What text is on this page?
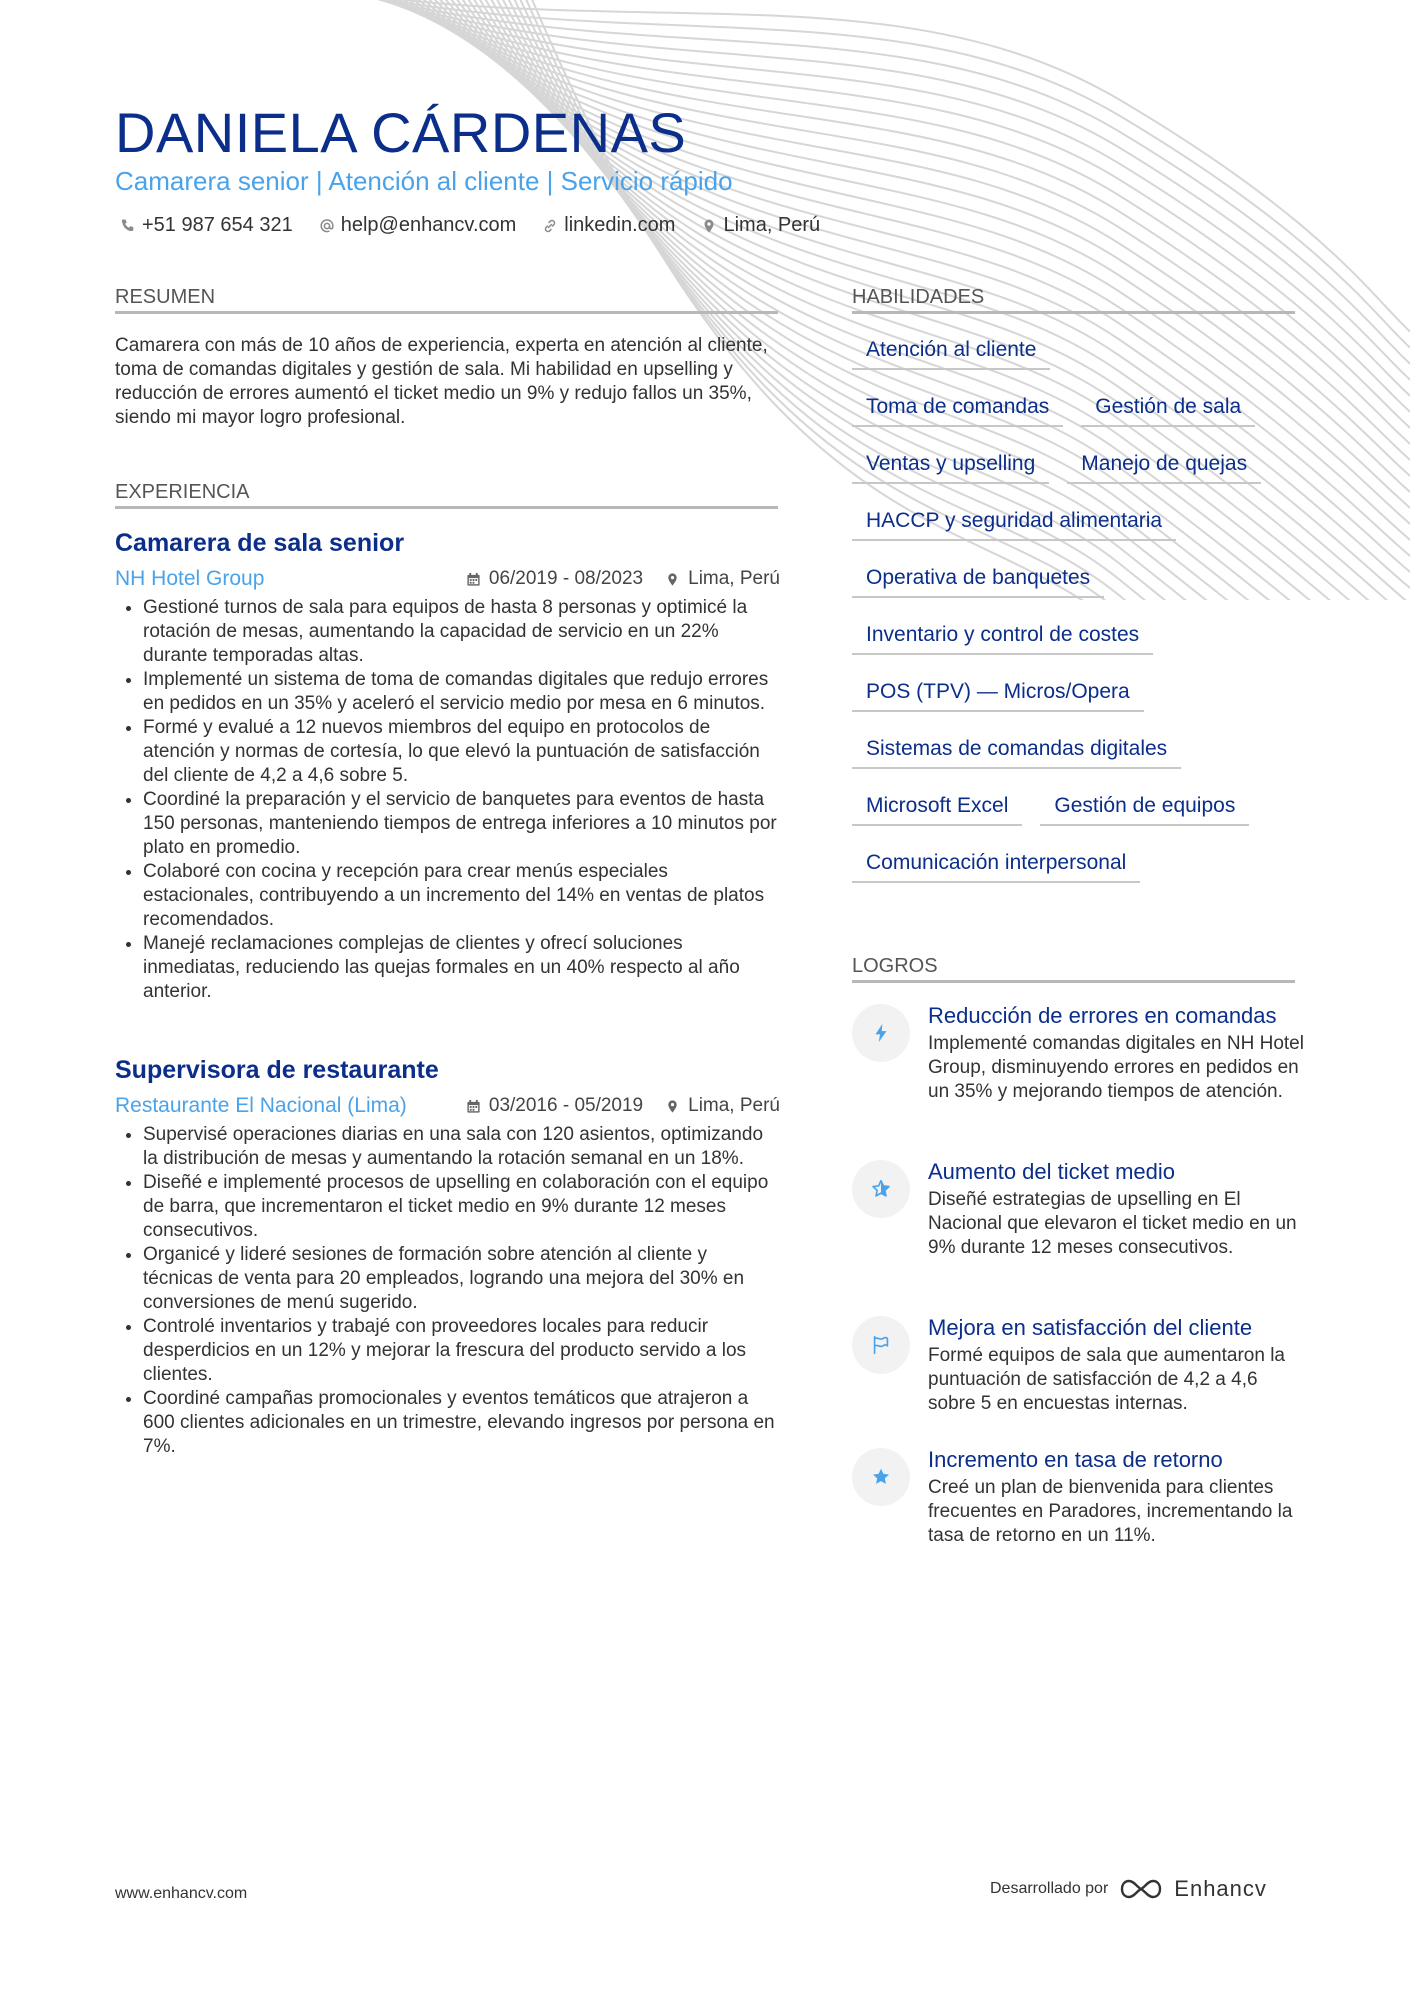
DANIELA CÁRDENAS
Camarera senior | Atención al cliente | Servicio rápido
+51 987 654 321 help@enhancv.com linkedin.com Lima, Perú
RESUMEN

Camarera con más de 10 años de experiencia, experta en atención al cliente, toma de comandas digitales y gestión de sala. Mi habilidad en upselling y reducción de errores aumentó el ticket medio un 9% y redujo fallos un 35%, siendo mi mayor logro profesional.

EXPERIENCIA
Camarera de sala senior
NH Hotel Group	06/2019 - 08/2023 Lima, Perú
• Gestioné turnos de sala para equipos de hasta 8 personas y optimicé la rotación de mesas, aumentando la capacidad de servicio en un 22% durante temporadas altas.
• Implementé un sistema de toma de comandas digitales que redujo errores en pedidos en un 35% y aceleró el servicio medio por mesa en 6 minutos.
• Formé y evalué a 12 nuevos miembros del equipo en protocolos de atención y normas de cortesía, lo que elevó la puntuación de satisfacción del cliente de 4,2 a 4,6 sobre 5.
• Coordiné la preparación y el servicio de banquetes para eventos de hasta 150 personas, manteniendo tiempos de entrega inferiores a 10 minutos por plato en promedio.
• Colaboré con cocina y recepción para crear menús especiales estacionales, contribuyendo a un incremento del 14% en ventas de platos recomendados.
• Manejé reclamaciones complejas de clientes y ofrecí soluciones inmediatas, reduciendo las quejas formales en un 40% respecto al año anterior.
Supervisora de restaurante
Restaurante El Nacional (Lima)	03/2016 - 05/2019 Lima, Perú
• Supervisé operaciones diarias en una sala con 120 asientos, optimizando la distribución de mesas y aumentando la rotación semanal en un 18%.
• Diseñé e implementé procesos de upselling en colaboración con el equipo de barra, que incrementaron el ticket medio en 9% durante 12 meses consecutivos.
• Organicé y lideré sesiones de formación sobre atención al cliente y técnicas de venta para 20 empleados, logrando una mejora del 30% en conversiones de menú sugerido.
• Controlé inventarios y trabajé con proveedores locales para reducir desperdicios en un 12% y mejorar la frescura del producto servido a los clientes.
• Coordiné campañas promocionales y eventos temáticos que atrajeron a 600 clientes adicionales en un trimestre, elevando ingresos por persona en 7%.
HABILIDADES
Atención al cliente
Toma de comandas	Gestión de sala
Ventas y upselling	Manejo de quejas
HACCP y seguridad alimentaria
Operativa de banquetes
Inventario y control de costes
POS (TPV) — Micros/Opera
Sistemas de comandas digitales
Microsoft Excel	Gestión de equipos
Comunicación interpersonal
LOGROS
Reducción de errores en comandas
Implementé comandas digitales en NH Hotel Group, disminuyendo errores en pedidos en un 35% y mejorando tiempos de atención.
Aumento del ticket medio
Diseñé estrategias de upselling en El Nacional que elevaron el ticket medio en un 9% durante 12 meses consecutivos.
Mejora en satisfacción del cliente
Formé equipos de sala que aumentaron la puntuación de satisfacción de 4,2 a 4,6 sobre 5 en encuestas internas.
Incremento en tasa de retorno
Creé un plan de bienvenida para clientes frecuentes en Paradores, incrementando la tasa de retorno en un 11%.
www.enhancv.com	Desarrollado por	Enhancv
